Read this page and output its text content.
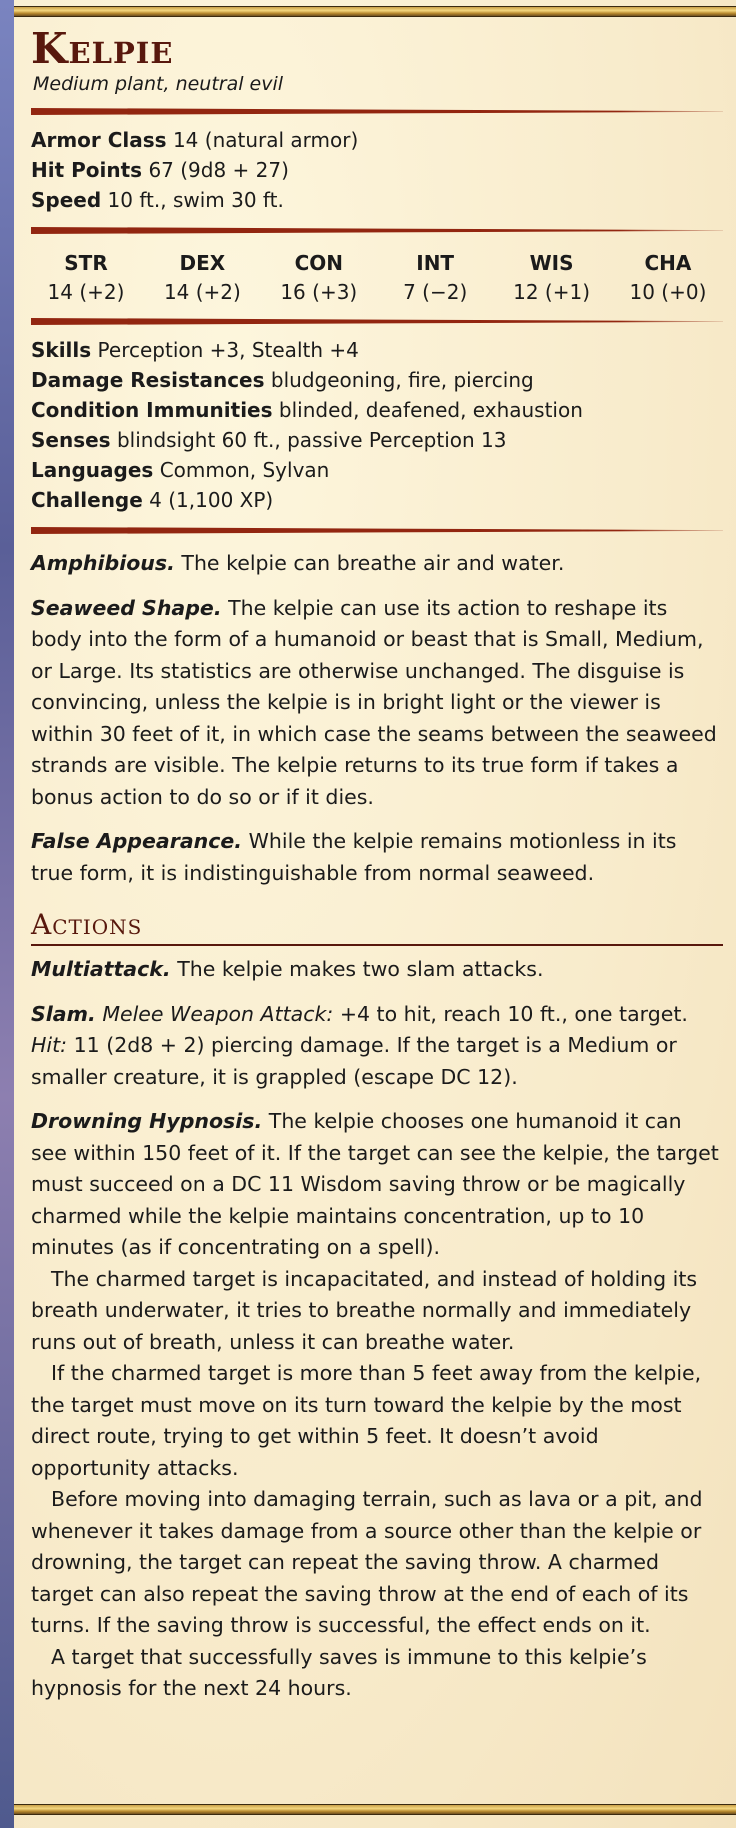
Kelpie
Medium plant, neutral evil
Armor Class 14 (natural armor)
Hit Points 67 (9d8 + 27)
Speed 10 ft., swim 30 ft.
STR
14 (+2)
DEX
14 (+2)
CON
16 (+3)
INT
7 (−2)
WIS
12 (+1)
CHA
10 (+0)
Skills Perception +3, Stealth +4
Damage Resistances bludgeoning, fire, piercing
Condition Immunities blinded, deafened, exhaustion
Senses blindsight 60 ft., passive Perception 13
Languages Common, Sylvan
Challenge 4 (1,100 XP)

Amphibious. The kelpie can breathe air and water.

Seaweed Shape. The kelpie can use its action to reshape its body into the form of a humanoid or beast that is Small, Medium, or Large. Its statistics are otherwise unchanged. The disguise is convincing, unless the kelpie is in bright light or the viewer is within 30 feet of it, in which case the seams between the seaweed strands are visible. The kelpie returns to its true form if takes a bonus action to do so or if it dies.

False Appearance. While the kelpie remains motionless in its true form, it is indistinguishable from normal seaweed.

Actions

Multiattack. The kelpie makes two slam attacks.

Slam. Melee Weapon Attack: +4 to hit, reach 10 ft., one target. Hit: 11 (2d8 + 2) piercing damage. If the target is a Medium or smaller creature, it is grappled (escape DC 12).

Drowning Hypnosis. The kelpie chooses one humanoid it can see within 150 feet of it. If the target can see the kelpie, the target must succeed on a DC 11 Wisdom saving throw or be magically charmed while the kelpie maintains concentration, up to 10 minutes (as if concentrating on a spell).

The charmed target is incapacitated, and instead of holding its breath underwater, it tries to breathe normally and immediately runs out of breath, unless it can breathe water.

If the charmed target is more than 5 feet away from the kelpie, the target must move on its turn toward the kelpie by the most direct route, trying to get within 5 feet. It doesn’t avoid opportunity attacks.

Before moving into damaging terrain, such as lava or a pit, and whenever it takes damage from a source other than the kelpie or drowning, the target can repeat the saving throw. A charmed target can also repeat the saving throw at the end of each of its turns. If the saving throw is successful, the effect ends on it.

A target that successfully saves is immune to this kelpie’s hypnosis for the next 24 hours.
